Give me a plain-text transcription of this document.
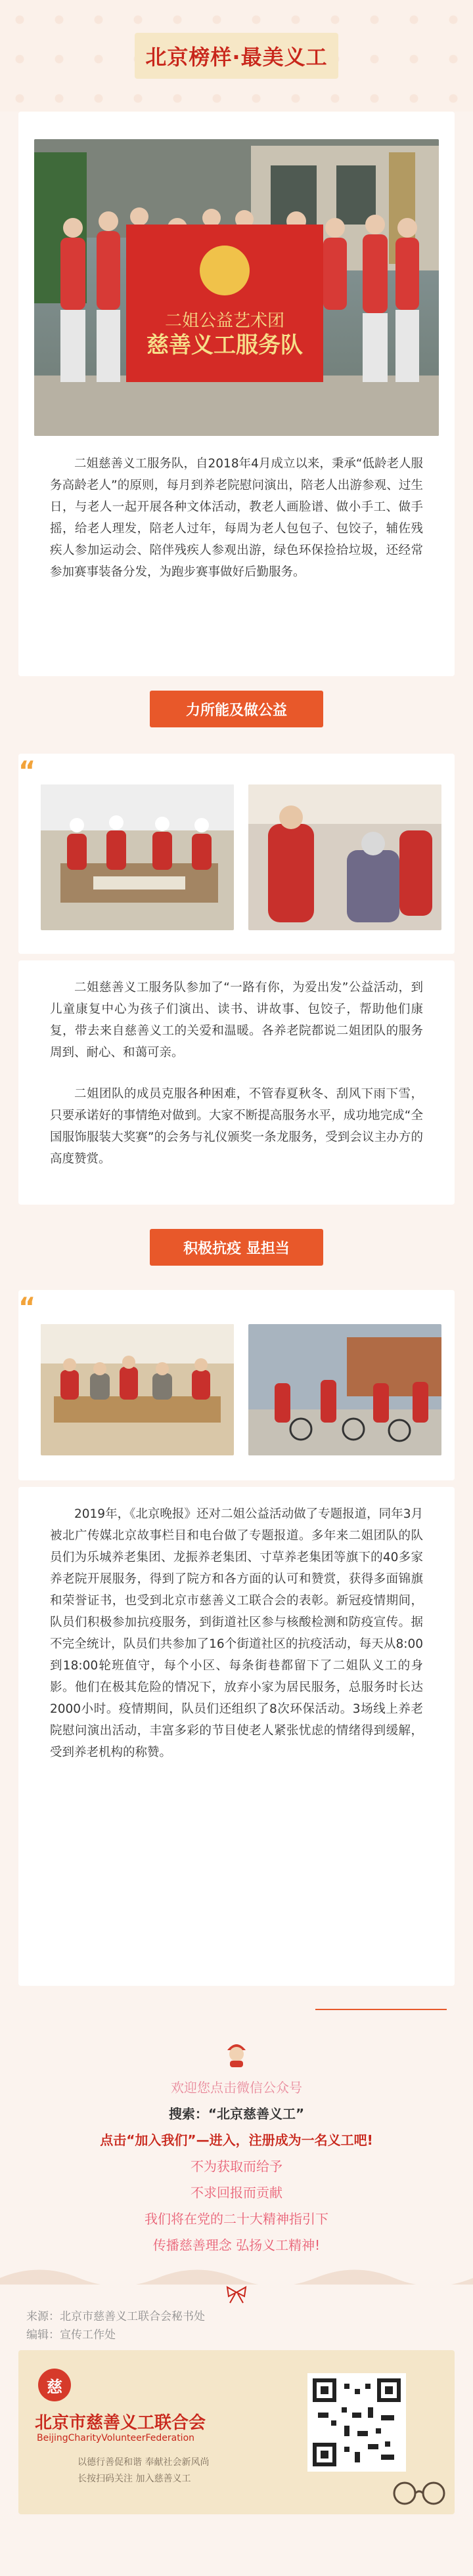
北京榜样·最美义工
二姐公益艺术团
慈善义工服务队

二姐慈善义工服务队，自2018年4月成立以来，秉承“低龄老人服务高龄老人”的原则，每月到养老院慰问演出，陪老人出游参观、过生日，与老人一起开展各种文体活动，教老人画脸谱、做小手工、做手摇，给老人理发，陪老人过年，每周为老人包包子、包饺子，辅佐残疾人参加运动会、陪伴残疾人参观出游，绿色环保捡拾垃圾，还经常参加赛事装备分发，为跑步赛事做好后勤服务。

力所能及做公益
“

二姐慈善义工服务队参加了“一路有你，为爱出发”公益活动，到儿童康复中心为孩子们演出、读书、讲故事、包饺子，帮助他们康复，带去来自慈善义工的关爱和温暖。各养老院都说二姐团队的服务周到、耐心、和蔼可亲。

二姐团队的成员克服各种困难，不管春夏秋冬、刮风下雨下雪，只要承诺好的事情绝对做到。大家不断提高服务水平，成功地完成“全国服饰服装大奖赛”的会务与礼仪颁奖一条龙服务，受到会议主办方的高度赞赏。

积极抗疫 显担当
“

2019年，《北京晚报》还对二姐公益活动做了专题报道，同年3月被北广传媒北京故事栏目和电台做了专题报道。多年来二姐团队的队员们为乐城养老集团、龙振养老集团、寸草养老集团等旗下的40多家养老院开展服务，得到了院方和各方面的认可和赞赏，获得多面锦旗和荣誉证书，也受到北京市慈善义工联合会的表彰。新冠疫情期间，队员们积极参加抗疫服务，到街道社区参与核酸检测和防疫宣传。据不完全统计，队员们共参加了16个街道社区的抗疫活动，每天从8:00到18:00轮班值守，每个小区、每条街巷都留下了二姐队义工的身影。他们在极其危险的情况下，放弃小家为居民服务，总服务时长达2000小时。疫情期间，队员们还组织了8次环保活动。3场线上养老院慰问演出活动，丰富多彩的节目使老人紧张忧虑的情绪得到缓解，受到养老机构的称赞。

欢迎您点击微信公众号
搜索：“北京慈善义工”
点击“加入我们”—进入，注册成为一名义工吧!
不为获取而给予
不求回报而贡献
我们将在党的二十大精神指引下
传播慈善理念 弘扬义工精神!
来源：北京市慈善义工联合会秘书处
编辑：宣传工作处
慈
北京市慈善义工联合会
BeijingCharityVolunteerFederation
以德行善促和谐 奉献社会新风尚
长按扫码关注 加入慈善义工
